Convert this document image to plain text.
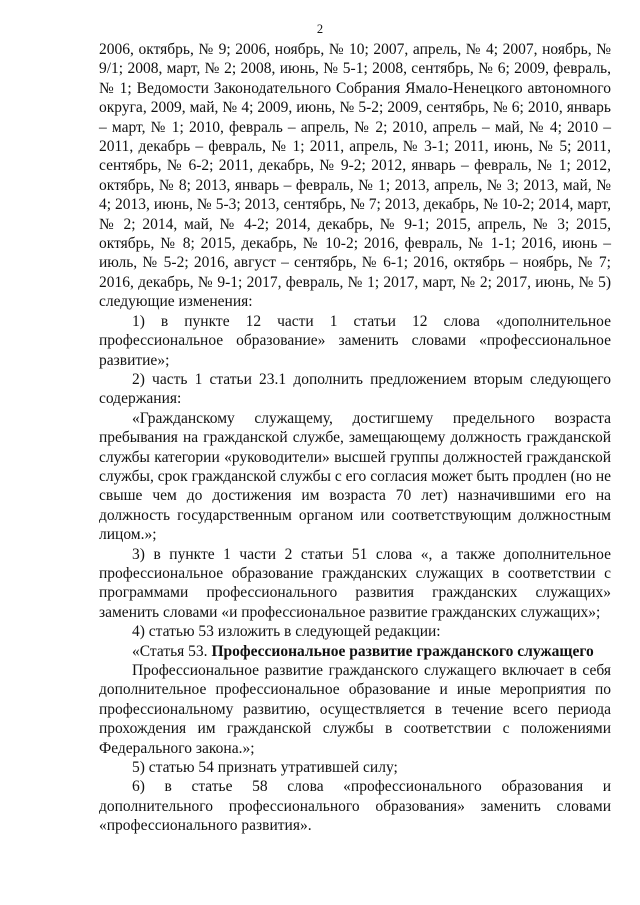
2

2006, октябрь, № 9; 2006, ноябрь, № 10; 2007, апрель, № 4; 2007, ноябрь, № 9/1; 2008, март, № 2; 2008, июнь, № 5-1; 2008, сентябрь, № 6; 2009, февраль, № 1; Ведомости Законодательного Собрания Ямало-Ненецкого автономного округа, 2009, май, № 4; 2009, июнь, № 5-2; 2009, сентябрь, № 6; 2010, январь – март, № 1; 2010, февраль – апрель, № 2; 2010, апрель – май, № 4; 2010 – 2011, декабрь – февраль, № 1; 2011, апрель, № 3-1; 2011, июнь, № 5; 2011, сентябрь, № 6-2; 2011, декабрь, № 9-2; 2012, январь – февраль, № 1; 2012, октябрь, № 8; 2013, январь – февраль, № 1; 2013, апрель, № 3; 2013, май, № 4; 2013, июнь, № 5-3; 2013, сентябрь, № 7; 2013, декабрь, № 10-2; 2014, март, № 2; 2014, май, № 4-2; 2014, декабрь, № 9-1; 2015, апрель, № 3; 2015, октябрь, № 8; 2015, декабрь, № 10-2; 2016, февраль, № 1-1; 2016, июнь – июль, № 5-2; 2016, август – сентябрь, № 6-1; 2016, октябрь – ноябрь, № 7; 2016, декабрь, № 9-1; 2017, февраль, № 1; 2017, март, № 2; 2017, июнь, № 5) следующие изменения:

1) в пункте 12 части 1 статьи 12 слова «дополнительное профессиональное образование» заменить словами «профессиональное развитие»;

2) часть 1 статьи 23.1 дополнить предложением вторым следующего содержания:

«Гражданскому служащему, достигшему предельного возраста пребывания на гражданской службе, замещающему должность гражданской службы категории «руководители» высшей группы должностей гражданской службы, срок гражданской службы с его согласия может быть продлен (но не свыше чем до достижения им возраста 70 лет) назначившими его на должность государственным органом или соответствующим должностным лицом.»;

3) в пункте 1 части 2 статьи 51 слова «, а также дополнительное профессиональное образование гражданских служащих в соответствии с программами профессионального развития гражданских служащих» заменить словами «и профессиональное развитие гражданских служащих»;

4) статью 53 изложить в следующей редакции:

«Статья 53. Профессиональное развитие гражданского служащего

Профессиональное развитие гражданского служащего включает в себя дополнительное профессиональное образование и иные мероприятия по профессиональному развитию, осуществляется в течение всего периода прохождения им гражданской службы в соответствии с положениями Федерального закона.»;

5) статью 54 признать утратившей силу;

6) в статье 58 слова «профессионального образования и дополнительного профессионального образования» заменить словами «профессионального развития».
